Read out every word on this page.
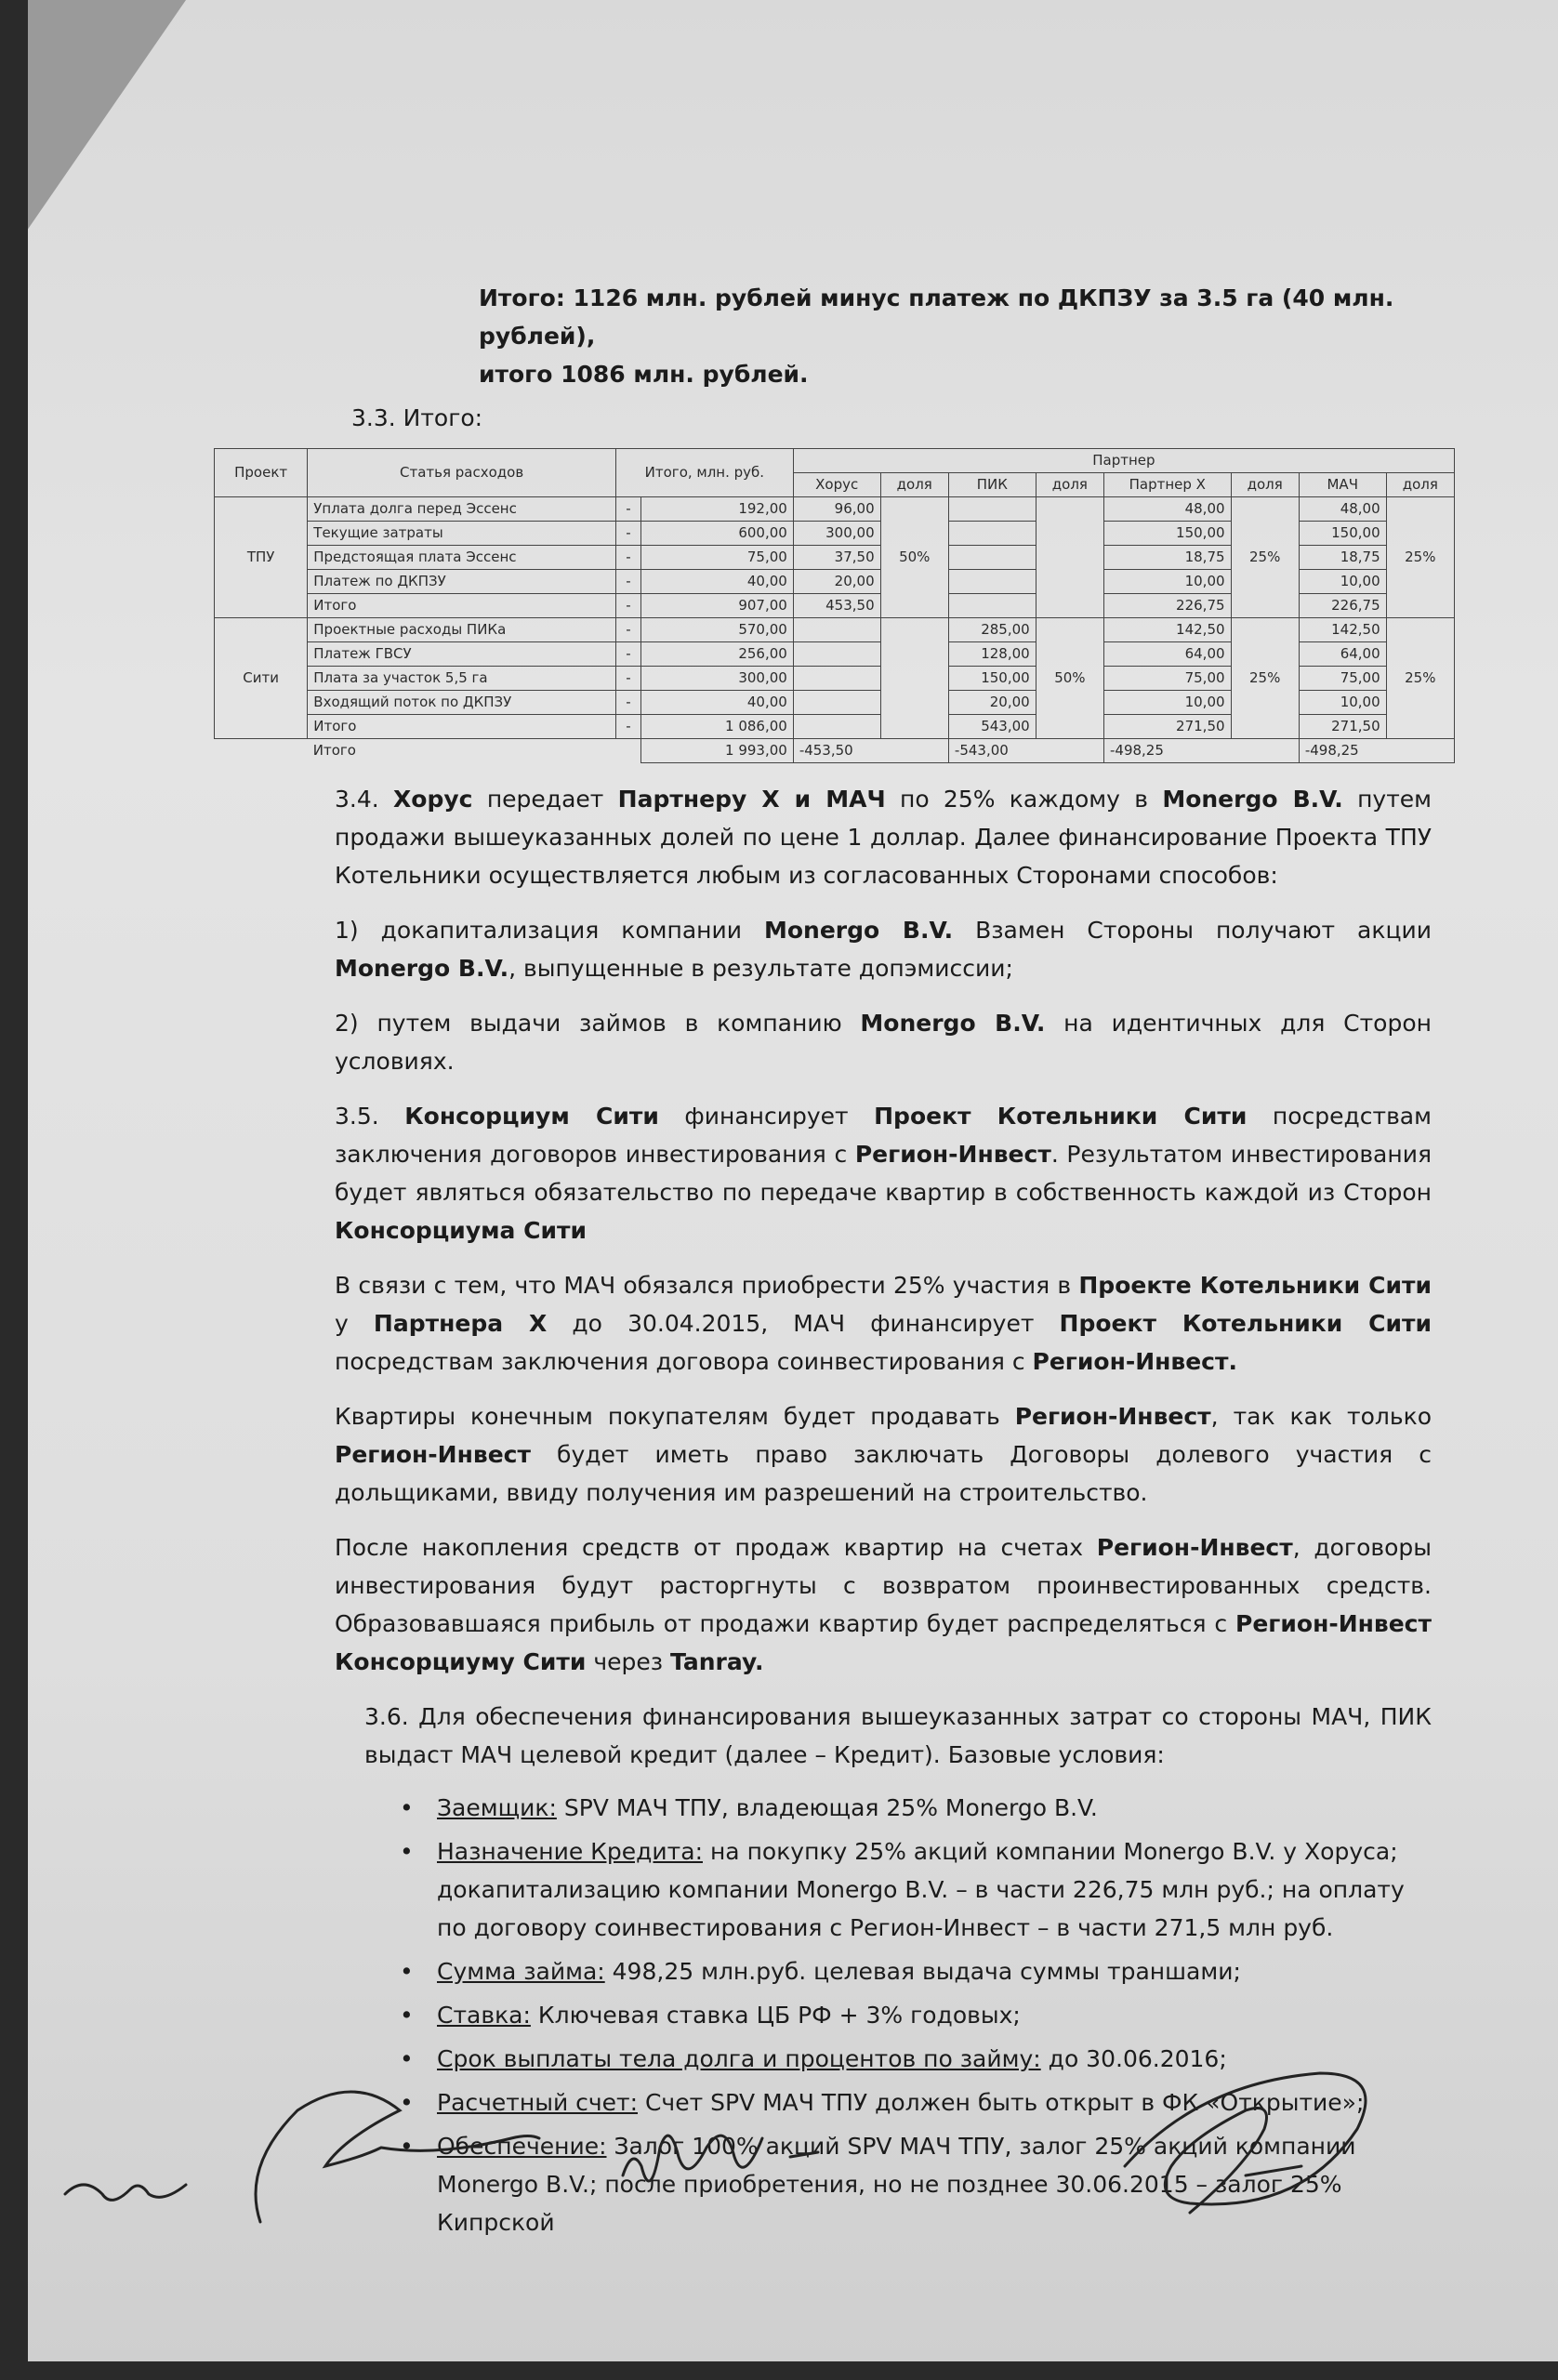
Итого: 1126 млн. рублей минус платеж по ДКПЗУ за 3.5 га (40 млн. рублей),
итого 1086 млн. рублей.
3.3. Итого:
Проект	Статья расходов	Итого, млн. руб.		Партнер							
				Хорус	доля	ПИК	доля	Партнер Х	доля	МАЧ	доля
ТПУ	Уплата долга перед Эссенс	-	192,00	96,00	50%			48,00	25%	48,00	25%
	Текущие затраты	-	600,00	300,00				150,00		150,00	
	Предстоящая плата Эссенс	-	75,00	37,50				18,75		18,75	
	Платеж по ДКПЗУ	-	40,00	20,00				10,00		10,00	
	Итого	-	907,00	453,50				226,75		226,75	
Сити	Проектные расходы ПИКа	-	570,00			285,00	50%	142,50	25%	142,50	25%
	Платеж ГВСУ	-	256,00			128,00		64,00		64,00	
	Плата за участок 5,5 га	-	300,00			150,00		75,00		75,00	
	Входящий поток по ДКПЗУ	-	40,00			20,00		10,00		10,00	
	Итого	-	1 086,00			543,00		271,50		271,50	
	Итого		1 993,00	-453,50		-543,00		-498,25		-498,25	

3.4. Хорус передает Партнеру Х и МАЧ по 25% каждому в Monergo B.V. путем продажи вышеуказанных долей по цене 1 доллар. Далее финансирование Проекта ТПУ Котельники осуществляется любым из согласованных Сторонами способов:

1) докапитализация компании Monergo B.V. Взамен Стороны получают акции Monergo B.V., выпущенные в результате допэмиссии;

2) путем выдачи займов в компанию Monergo B.V. на идентичных для Сторон условиях.

3.5. Консорциум Сити финансирует Проект Котельники Сити посредствам заключения договоров инвестирования с Регион-Инвест. Результатом инвестирования будет являться обязательство по передаче квартир в собственность каждой из Сторон Консорциума Сити

В связи с тем, что МАЧ обязался приобрести 25% участия в Проекте Котельники Сити у Партнера Х до 30.04.2015, МАЧ финансирует Проект Котельники Сити посредствам заключения договора соинвестирования с Регион-Инвест.

Квартиры конечным покупателям будет продавать Регион-Инвест, так как только Регион-Инвест будет иметь право заключать Договоры долевого участия с дольщиками, ввиду получения им разрешений на строительство.

После накопления средств от продаж квартир на счетах Регион-Инвест, договоры инвестирования будут расторгнуты с возвратом проинвестированных средств. Образовавшаяся прибыль от продажи квартир будет распределяться с Регион-Инвест Консорциуму Сити через Tanray.

3.6. Для обеспечения финансирования вышеуказанных затрат со стороны МАЧ, ПИК выдаст МАЧ целевой кредит (далее – Кредит). Базовые условия:

• Заемщик: SPV МАЧ ТПУ, владеющая 25% Monergo B.V.
• Назначение Кредита: на покупку 25% акций компании Monergo B.V. у Хоруса; докапитализацию компании Monergo B.V. – в части 226,75 млн руб.; на оплату по договору соинвестирования с Регион-Инвест – в части 271,5 млн руб.
• Сумма займа: 498,25 млн.руб. целевая выдача суммы траншами;
• Ставка: Ключевая ставка ЦБ РФ + 3% годовых;
• Срок выплаты тела долга и процентов по займу: до 30.06.2016;
• Расчетный счет: Счет SPV МАЧ ТПУ должен быть открыт в ФК «Открытие»;
• Обеспечение: Залог 100% акций SPV МАЧ ТПУ, залог 25% акций компании Monergo B.V.; после приобретения, но не позднее 30.06.2015 – залог 25% Кипрской
